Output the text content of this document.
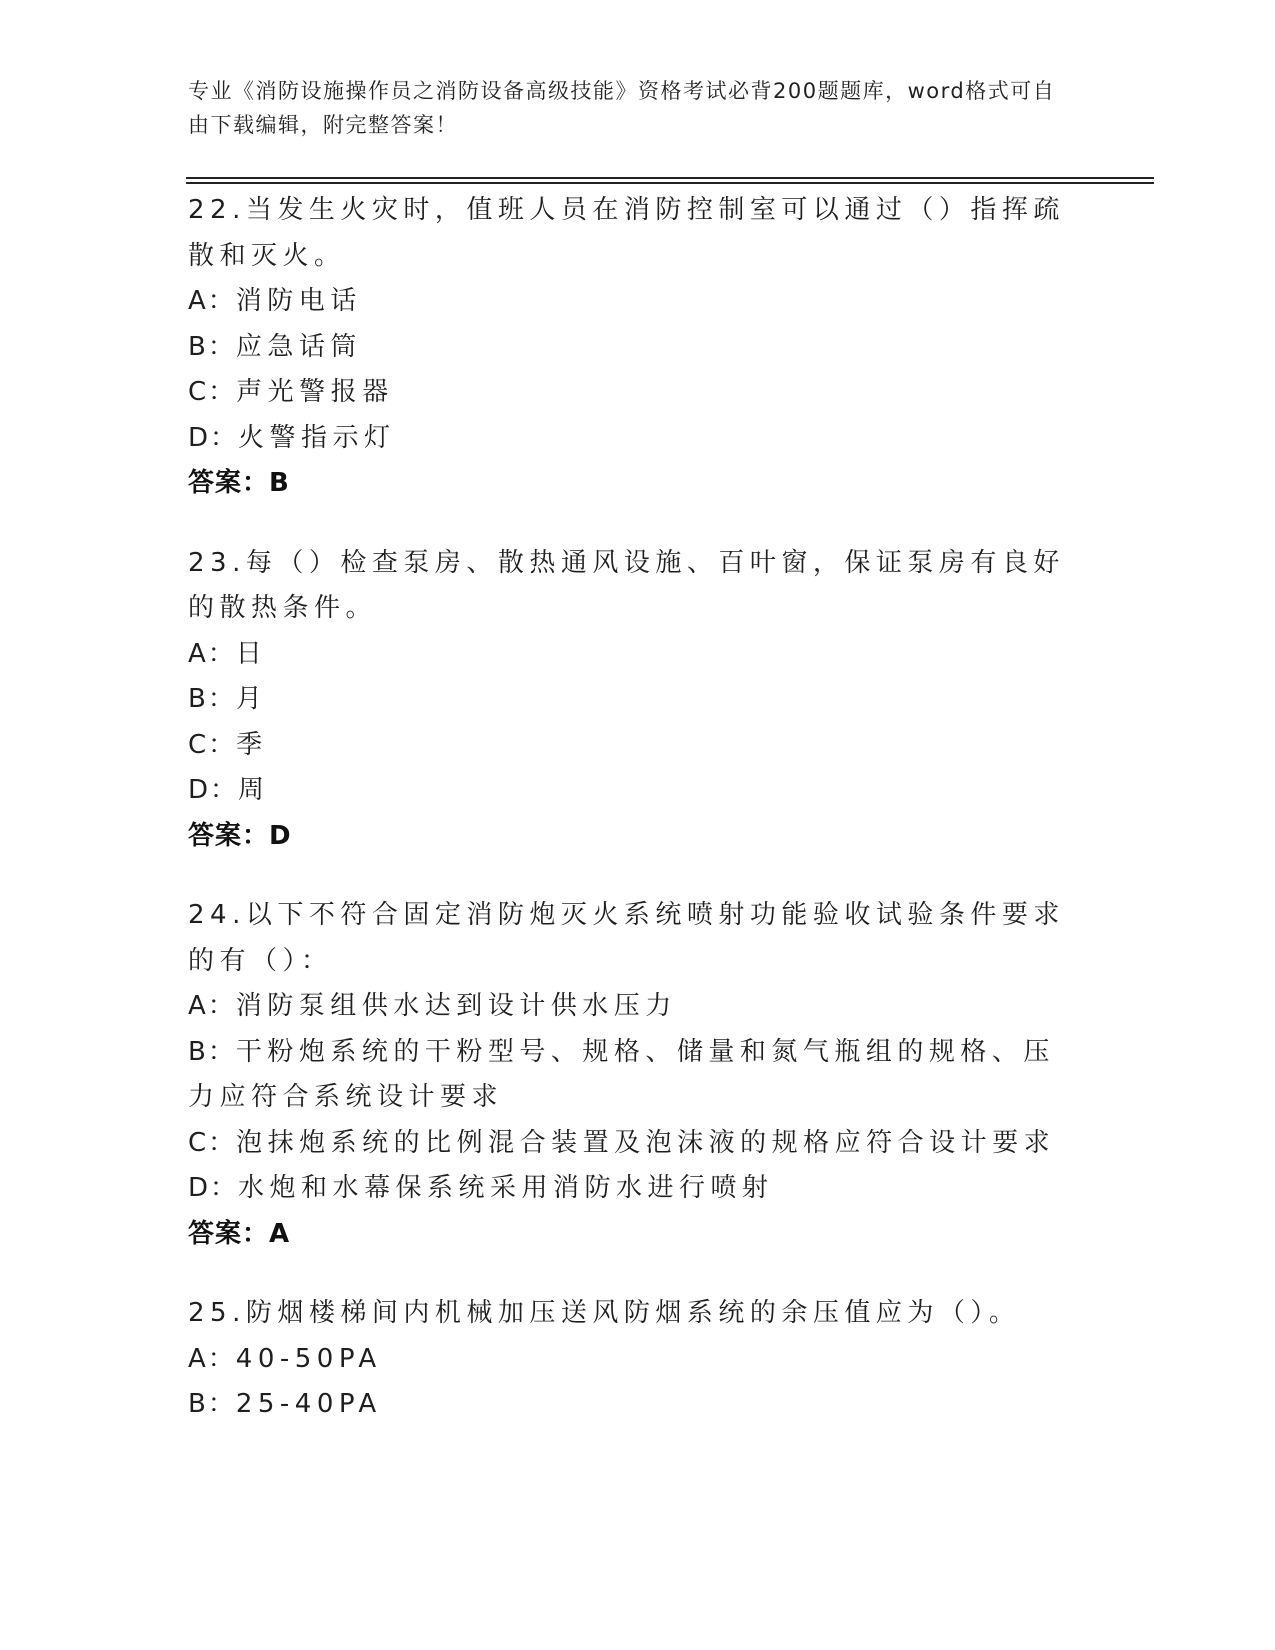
专业《消防设施操作员之消防设备高级技能》资格考试必背200题题库，word格式可自由下载编辑，附完整答案！
22.当发生火灾时，值班人员在消防控制室可以通过（）指挥疏散和灭火。
A：消防电话
B：应急话筒
C：声光警报器
D：火警指示灯
答案：B
23.每（）检查泵房、散热通风设施、百叶窗，保证泵房有良好的散热条件。
A：日
B：月
C：季
D：周
答案：D
24.以下不符合固定消防炮灭火系统喷射功能验收试验条件要求的有（）：
A：消防泵组供水达到设计供水压力
B：干粉炮系统的干粉型号、规格、储量和氮气瓶组的规格、压力应符合系统设计要求
C：泡抹炮系统的比例混合装置及泡沫液的规格应符合设计要求
D：水炮和水幕保系统采用消防水进行喷射
答案：A
25.防烟楼梯间内机械加压送风防烟系统的余压值应为（）。
A：40-50PA
B：25-40PA
